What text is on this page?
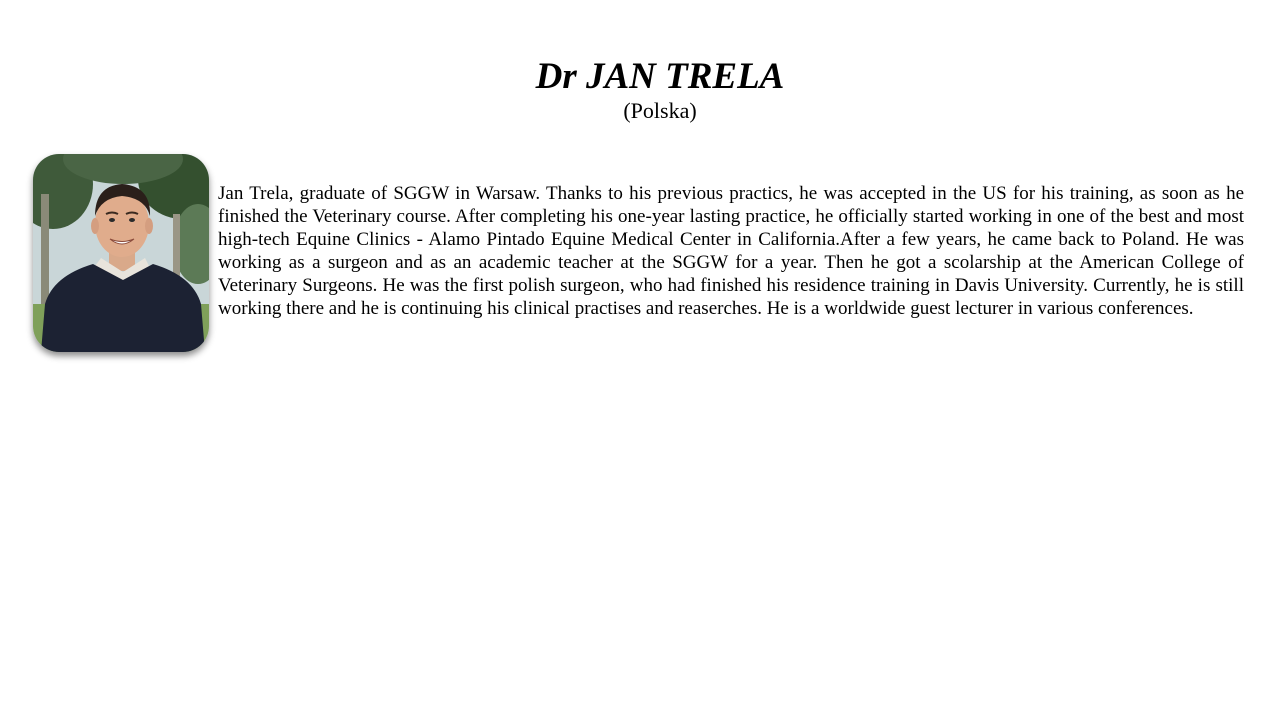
Dr JAN TRELA
(Polska)

Jan Trela, graduate of SGGW in Warsaw. Thanks to his previous practics, he was accepted in the US for his training, as soon as he finished the Veterinary course. After completing his one-year lasting practice, he officially started working in one of the best and most high-tech Equine Clinics - Alamo Pintado Equine Medical Center in California.After a few years, he came back to Poland. He was working as a surgeon and as an academic teacher at the SGGW for a year. Then he got a scolarship at the American College of Veterinary Surgeons. He was the first polish surgeon, who had finished his residence training in Davis University. Currently, he is still working there and he is continuing his clinical practises and reaserches. He is a worldwide guest lecturer in various conferences.
